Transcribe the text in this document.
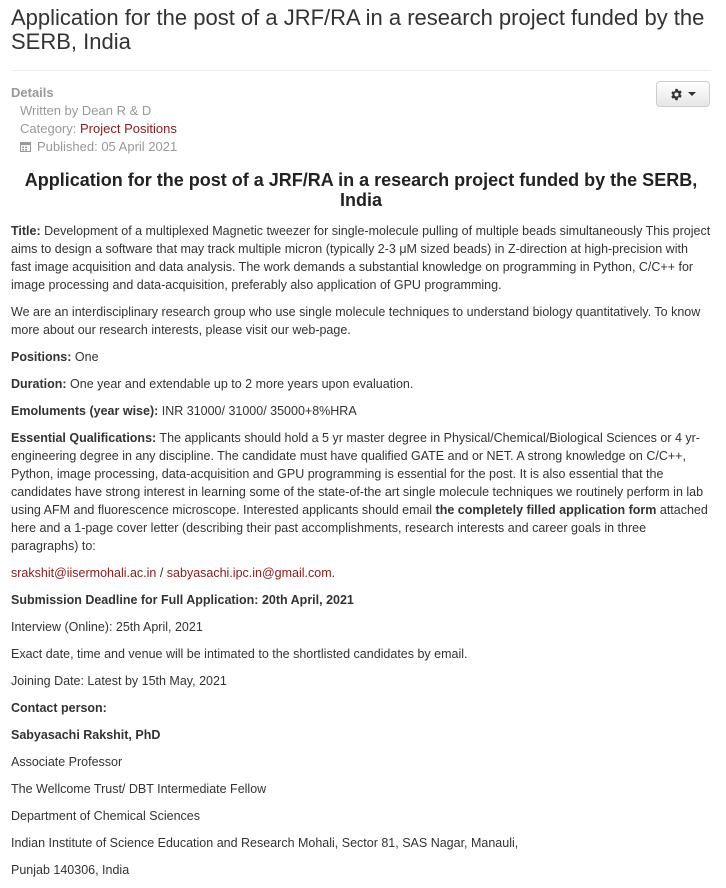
Application for the post of a JRF/RA in a research project funded by the SERB, India
Details
Written by Dean R & D
Category: Project Positions
Published: 05 April 2021
Application for the post of a JRF/RA in a research project funded by the SERB, India

Title: Development of a multiplexed Magnetic tweezer for single-molecule pulling of multiple beads simultaneously This project aims to design a software that may track multiple micron (typically 2-3 μM sized beads) in Z-direction at high-precision with fast image acquisition and data analysis. The work demands a substantial knowledge on programming in Python, C/C++ for image processing and data-acquisition, preferably also application of GPU programming.

We are an interdisciplinary research group who use single molecule techniques to understand biology quantitatively. To know more about our research interests, please visit our web-page.

Positions: One

Duration: One year and extendable up to 2 more years upon evaluation.

Emoluments (year wise): INR 31000/ 31000/ 35000+8%HRA

Essential Qualifications: The applicants should hold a 5 yr master degree in Physical/Chemical/Biological Sciences or 4 yr-engineering degree in any discipline. The candidate must have qualified GATE and or NET. A strong knowledge on C/C++, Python, image processing, data-acquisition and GPU programming is essential for the post. It is also essential that the candidates have strong interest in learning some of the state-of-the art single molecule techniques we routinely perform in lab using AFM and fluorescence microscope. Interested applicants should email the completely filled application form attached here and a 1-page cover letter (describing their past accomplishments, research interests and career goals in three paragraphs) to:

srakshit@iisermohali.ac.in / sabyasachi.ipc.in@gmail.com.

Submission Deadline for Full Application: 20th April, 2021

Interview (Online): 25th April, 2021

Exact date, time and venue will be intimated to the shortlisted candidates by email.

Joining Date: Latest by 15th May, 2021

Contact person:

Sabyasachi Rakshit, PhD

Associate Professor

The Wellcome Trust/ DBT Intermediate Fellow

Department of Chemical Sciences

Indian Institute of Science Education and Research Mohali, Sector 81, SAS Nagar, Manauli,

Punjab 140306, India
